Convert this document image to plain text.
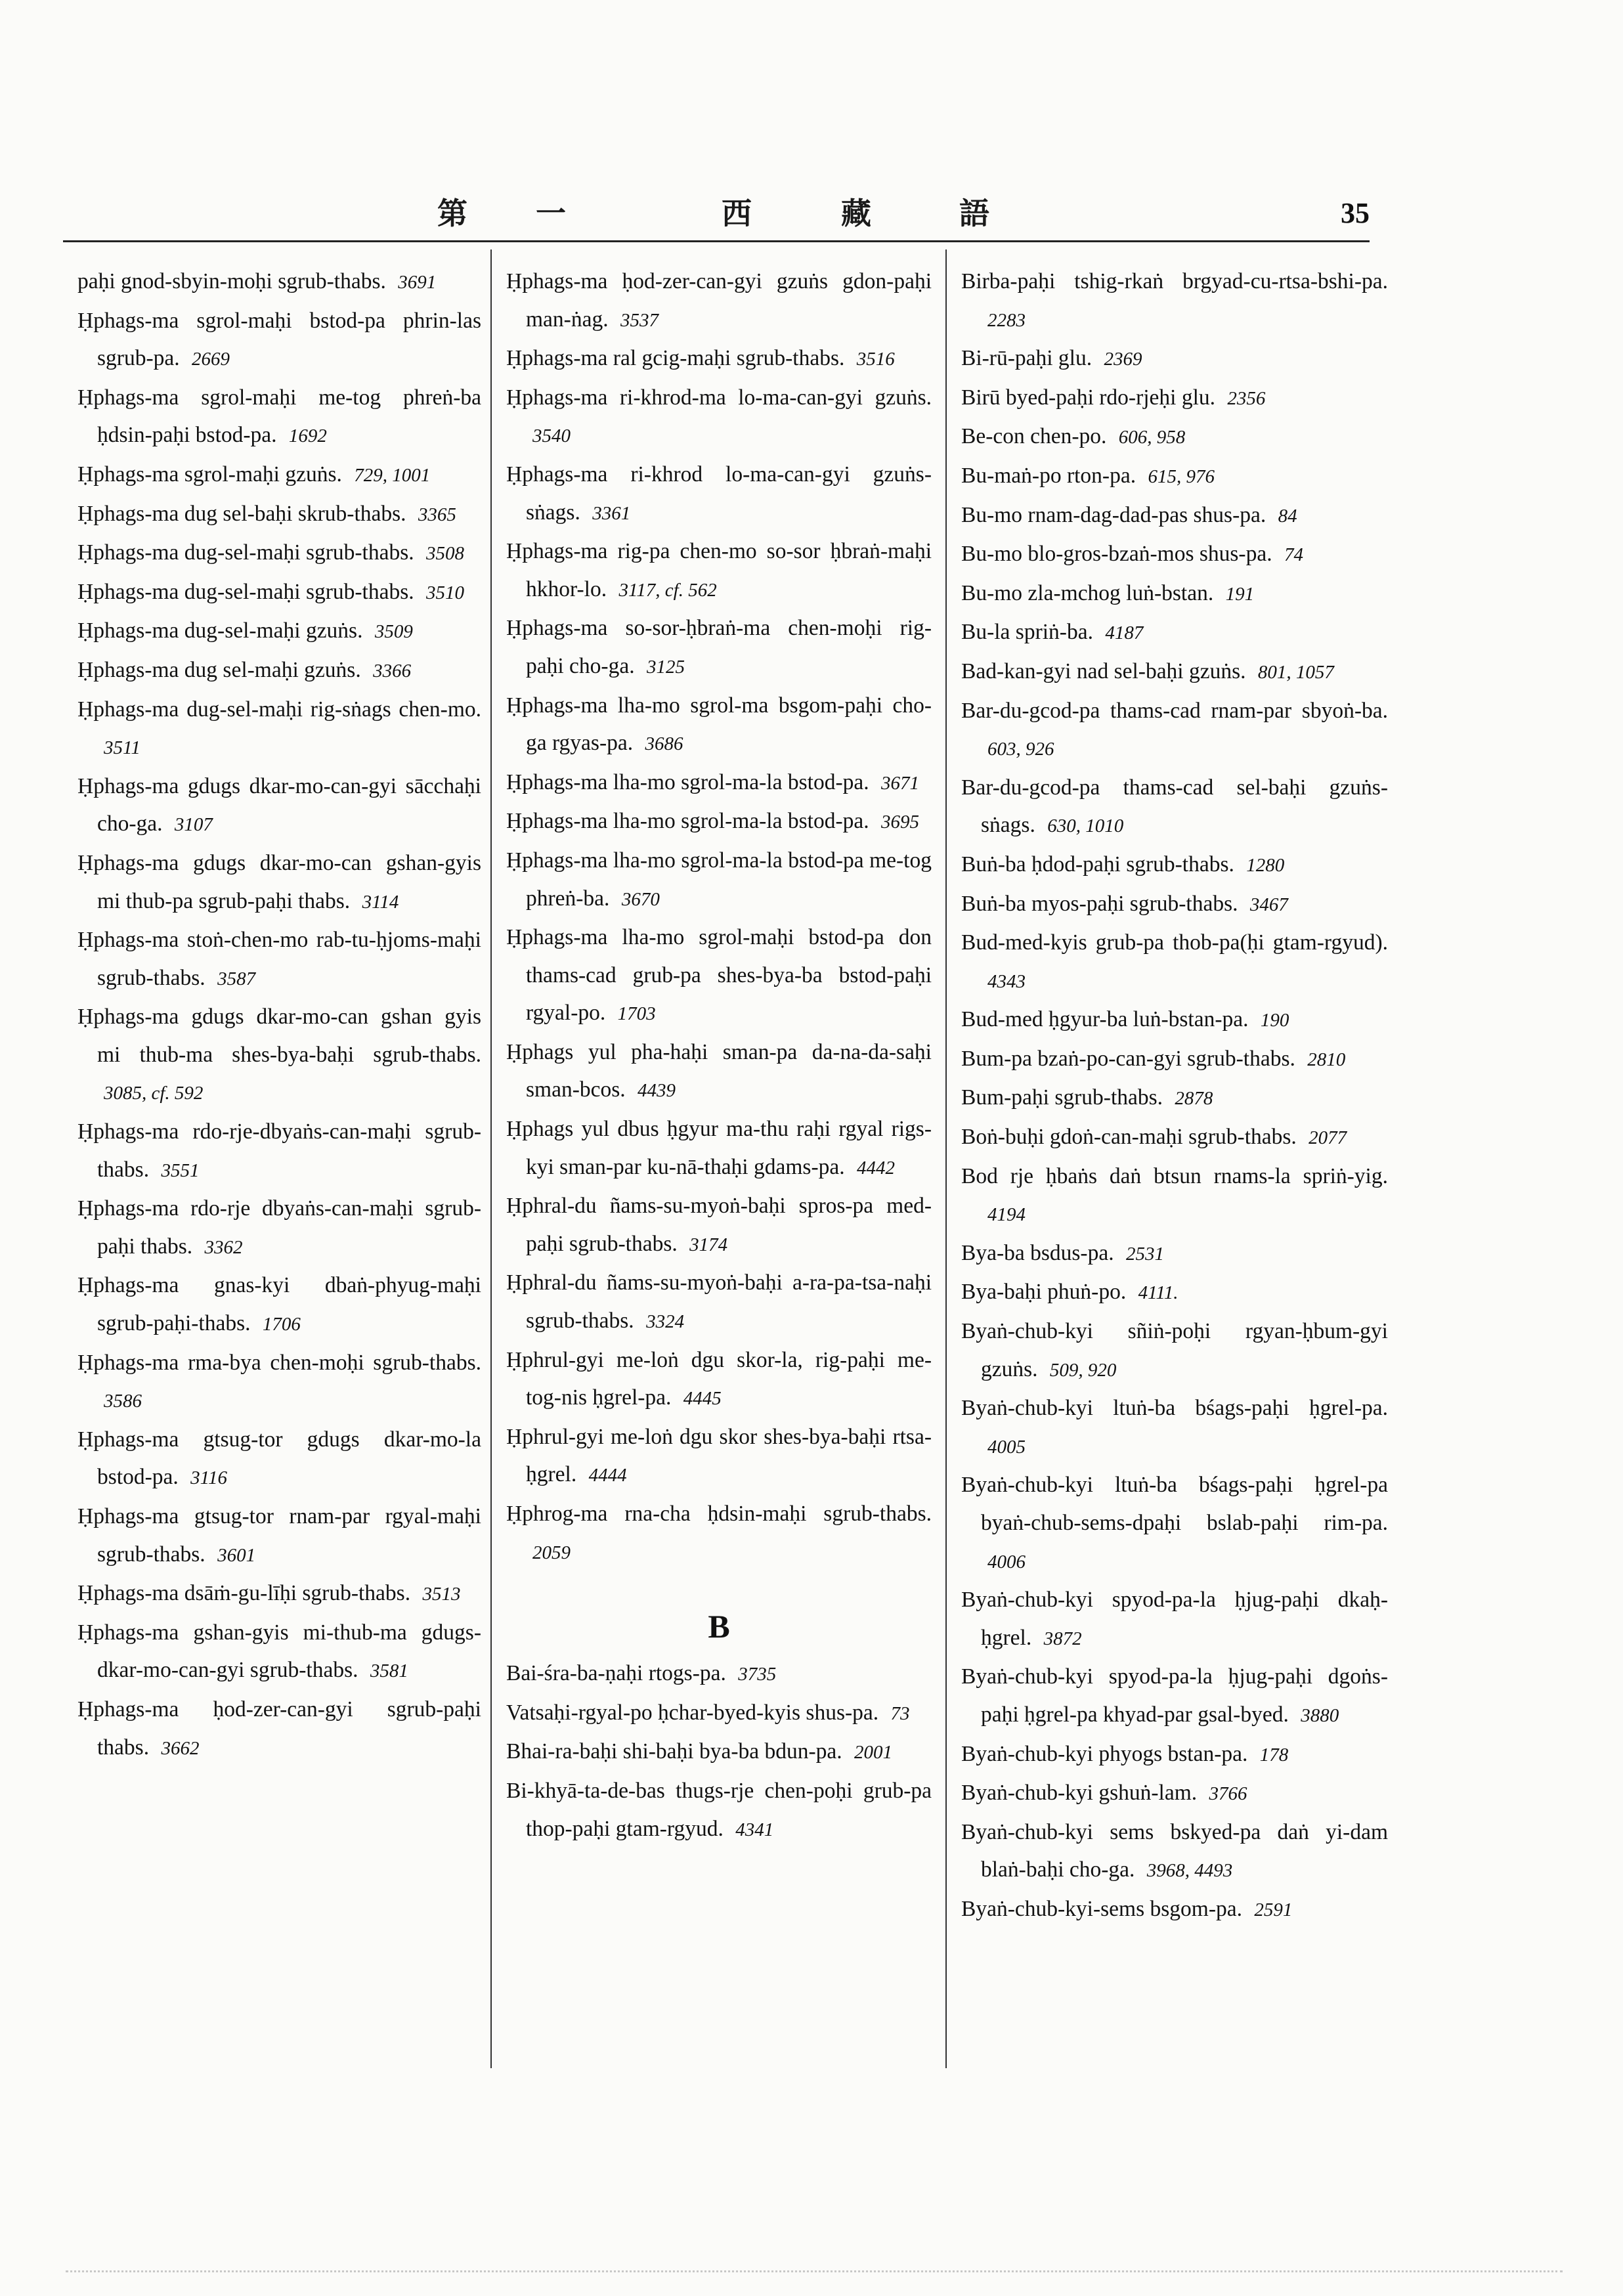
第 一	西	藏	語	35

paḥi gnod-sbyin-moḥi sgrub-thabs. 3691

Ḥphags-ma sgrol-maḥi bstod-pa phrin-las sgrub-pa. 2669

Ḥphags-ma sgrol-maḥi me-tog phreṅ-ba ḥdsin-paḥi bstod-pa. 1692

Ḥphags-ma sgrol-maḥi gzuṅs. 729, 1001

Ḥphags-ma dug sel-baḥi skrub-thabs. 3365

Ḥphags-ma dug-sel-maḥi sgrub-thabs. 3508

Ḥphags-ma dug-sel-maḥi sgrub-thabs. 3510

Ḥphags-ma dug-sel-maḥi gzuṅs. 3509

Ḥphags-ma dug sel-maḥi gzuṅs. 3366

Ḥphags-ma dug-sel-maḥi rig-sṅags chen-mo. 3511

Ḥphags-ma gdugs dkar-mo-can-gyi sācchaḥi cho-ga. 3107

Ḥphags-ma gdugs dkar-mo-can gshan-gyis mi thub-pa sgrub-paḥi thabs. 3114

Ḥphags-ma stoṅ-chen-mo rab-tu-ḥjoms-maḥi sgrub-thabs. 3587

Ḥphags-ma gdugs dkar-mo-can gshan gyis mi thub-ma shes-bya-baḥi sgrub-thabs. 3085, cf. 592

Ḥphags-ma rdo-rje-dbyaṅs-can-maḥi sgrub-thabs. 3551

Ḥphags-ma rdo-rje dbyaṅs-can-maḥi sgrub-paḥi thabs. 3362

Ḥphags-ma gnas-kyi dbaṅ-phyug-maḥi sgrub-paḥi-thabs. 1706

Ḥphags-ma rma-bya chen-moḥi sgrub-thabs. 3586

Ḥphags-ma gtsug-tor gdugs dkar-mo-la bstod-pa. 3116

Ḥphags-ma gtsug-tor rnam-par rgyal-maḥi sgrub-thabs. 3601

Ḥphags-ma dsāṁ-gu-līḥi sgrub-thabs. 3513

Ḥphags-ma gshan-gyis mi-thub-ma gdugs-dkar-mo-can-gyi sgrub-thabs. 3581

Ḥphags-ma ḥod-zer-can-gyi sgrub-paḥi thabs. 3662

Ḥphags-ma ḥod-zer-can-gyi gzuṅs gdon-paḥi man-ṅag. 3537

Ḥphags-ma ral gcig-maḥi sgrub-thabs. 3516

Ḥphags-ma ri-khrod-ma lo-ma-can-gyi gzuṅs. 3540

Ḥphags-ma ri-khrod lo-ma-can-gyi gzuṅs-sṅags. 3361

Ḥphags-ma rig-pa chen-mo so-sor ḥbraṅ-maḥi hkhor-lo. 3117, cf. 562

Ḥphags-ma so-sor-ḥbraṅ-ma chen-moḥi rig-paḥi cho-ga. 3125

Ḥphags-ma lha-mo sgrol-ma bsgom-paḥi cho-ga rgyas-pa. 3686

Ḥphags-ma lha-mo sgrol-ma-la bstod-pa. 3671

Ḥphags-ma lha-mo sgrol-ma-la bstod-pa. 3695

Ḥphags-ma lha-mo sgrol-ma-la bstod-pa me-tog phreṅ-ba. 3670

Ḥphags-ma lha-mo sgrol-maḥi bstod-pa don thams-cad grub-pa shes-bya-ba bstod-paḥi rgyal-po. 1703

Ḥphags yul pha-haḥi sman-pa da-na-da-saḥi sman-bcos. 4439

Ḥphags yul dbus ḥgyur ma-thu raḥi rgyal rigs-kyi sman-par ku-nā-thaḥi gdams-pa. 4442

Ḥphral-du ñams-su-myoṅ-baḥi spros-pa med-paḥi sgrub-thabs. 3174

Ḥphral-du ñams-su-myoṅ-baḥi a-ra-pa-tsa-naḥi sgrub-thabs. 3324

Ḥphrul-gyi me-loṅ dgu skor-la, rig-paḥi me-tog-nis ḥgrel-pa. 4445

Ḥphrul-gyi me-loṅ dgu skor shes-bya-baḥi rtsa-ḥgrel. 4444

Ḥphrog-ma rna-cha ḥdsin-maḥi sgrub-thabs. 2059

B

Bai-śra-ba-ṇaḥi rtogs-pa. 3735

Vatsaḥi-rgyal-po ḥchar-byed-kyis shus-pa. 73

Bhai-ra-baḥi shi-baḥi bya-ba bdun-pa. 2001

Bi-khyā-ta-de-bas thugs-rje chen-poḥi grub-pa thop-paḥi gtam-rgyud. 4341

Birba-paḥi tshig-rkaṅ brgyad-cu-rtsa-bshi-pa. 2283

Bi-rū-paḥi glu. 2369

Birū byed-paḥi rdo-rjeḥi glu. 2356

Be-con chen-po. 606, 958

Bu-maṅ-po rton-pa. 615, 976

Bu-mo rnam-dag-dad-pas shus-pa. 84

Bu-mo blo-gros-bzaṅ-mos shus-pa. 74

Bu-mo zla-mchog luṅ-bstan. 191

Bu-la spriṅ-ba. 4187

Bad-kan-gyi nad sel-baḥi gzuṅs. 801, 1057

Bar-du-gcod-pa thams-cad rnam-par sbyoṅ-ba. 603, 926

Bar-du-gcod-pa thams-cad sel-baḥi gzuṅs-sṅags. 630, 1010

Buṅ-ba ḥdod-paḥi sgrub-thabs. 1280

Buṅ-ba myos-paḥi sgrub-thabs. 3467

Bud-med-kyis grub-pa thob-pa(ḥi gtam-rgyud). 4343

Bud-med ḥgyur-ba luṅ-bstan-pa. 190

Bum-pa bzaṅ-po-can-gyi sgrub-thabs. 2810

Bum-paḥi sgrub-thabs. 2878

Boṅ-buḥi gdoṅ-can-maḥi sgrub-thabs. 2077

Bod rje ḥbaṅs daṅ btsun rnams-la spriṅ-yig. 4194

Bya-ba bsdus-pa. 2531

Bya-baḥi phuṅ-po. 4111.

Byaṅ-chub-kyi sñiṅ-poḥi rgyan-ḥbum-gyi gzuṅs. 509, 920

Byaṅ-chub-kyi ltuṅ-ba bśags-paḥi ḥgrel-pa. 4005

Byaṅ-chub-kyi ltuṅ-ba bśags-paḥi ḥgrel-pa byaṅ-chub-sems-dpaḥi bslab-paḥi rim-pa. 4006

Byaṅ-chub-kyi spyod-pa-la ḥjug-paḥi dkaḥ-ḥgrel. 3872

Byaṅ-chub-kyi spyod-pa-la ḥjug-paḥi dgoṅs-paḥi ḥgrel-pa khyad-par gsal-byed. 3880

Byaṅ-chub-kyi phyogs bstan-pa. 178

Byaṅ-chub-kyi gshuṅ-lam. 3766

Byaṅ-chub-kyi sems bskyed-pa daṅ yi-dam blaṅ-baḥi cho-ga. 3968, 4493

Byaṅ-chub-kyi-sems bsgom-pa. 2591
